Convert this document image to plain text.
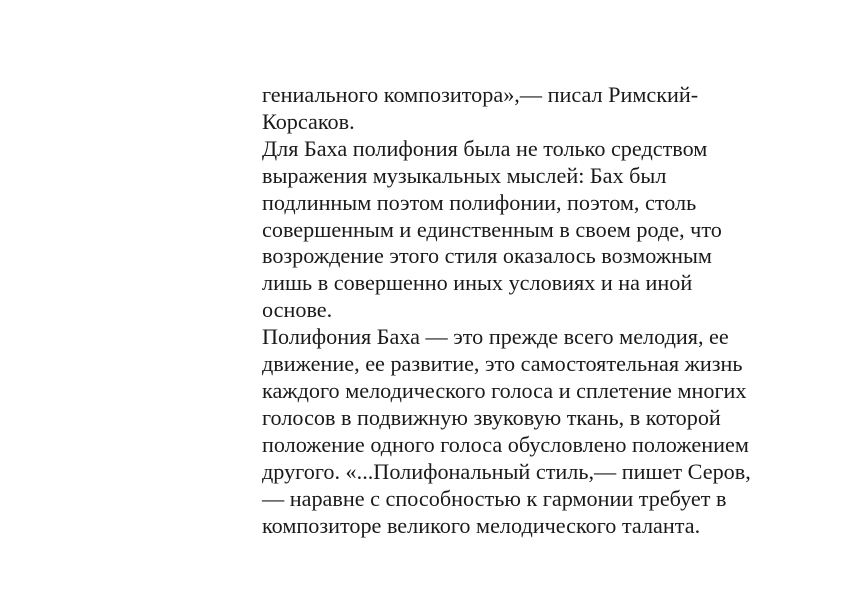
гениального композитора»,— писал Римский-
Корсаков.
Для Баха полифония была не только средством
выражения музыкальных мыслей: Бах был
подлинным поэтом полифонии, поэтом, столь
совершенным и единственным в своем роде, что
возрождение этого стиля оказалось возможным
лишь в совершенно иных условиях и на иной
основе.
Полифония Баха — это прежде всего мелодия, ее
движение, ее развитие, это самостоятельная жизнь
каждого мелодического голоса и сплетение многих
голосов в подвижную звуковую ткань, в которой
положение одного голоса обусловлено положением
другого. «...Полифональный стиль,— пишет Серов,
— наравне с способностью к гармонии требует в
композиторе великого мелодического таланта.
